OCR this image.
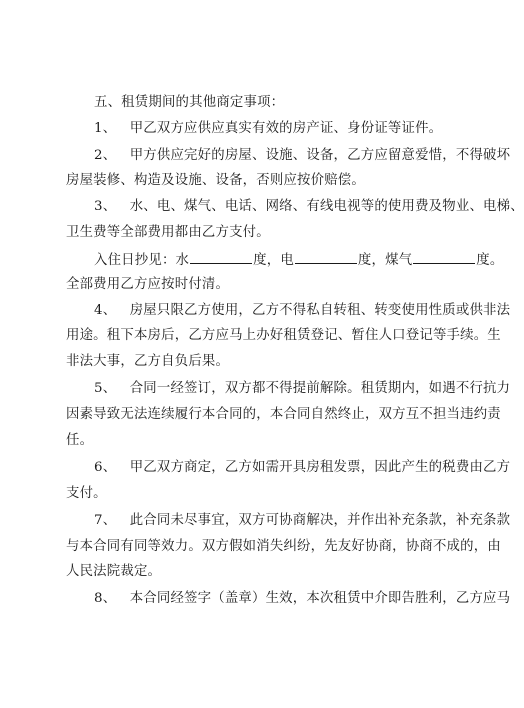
五、租赁期间的其他商定事项：
1、 甲乙双方应供应真实有效的房产证、身份证等证件。
2、 甲方供应完好的房屋、设施、设备，乙方应留意爱惜，不得破坏
房屋装修、构造及设施、设备，否则应按价赔偿。
3、 水、电、煤气、电话、网络、有线电视等的使用费及物业、电梯、
卫生费等全部费用都由乙方支付。
入住日抄见：水	度，电	度，煤气	度。
全部费用乙方应按时付清。
4、 房屋只限乙方使用，乙方不得私自转租、转变使用性质或供非法
用途。租下本房后，乙方应马上办好租赁登记、暂住人口登记等手续。生
非法大事，乙方自负后果。
5、 合同一经签订，双方都不得提前解除。租赁期内，如遇不行抗力
因素导致无法连续履行本合同的，本合同自然终止，双方互不担当违约责
任。
6、 甲乙双方商定，乙方如需开具房租发票，因此产生的税费由乙方
支付。
7、 此合同未尽事宜，双方可协商解决，并作出补充条款，补充条款
与本合同有同等效力。双方假如消失纠纷，先友好协商，协商不成的，由
人民法院裁定。
8、 本合同经签字（盖章）生效，本次租赁中介即告胜利，乙方应马
